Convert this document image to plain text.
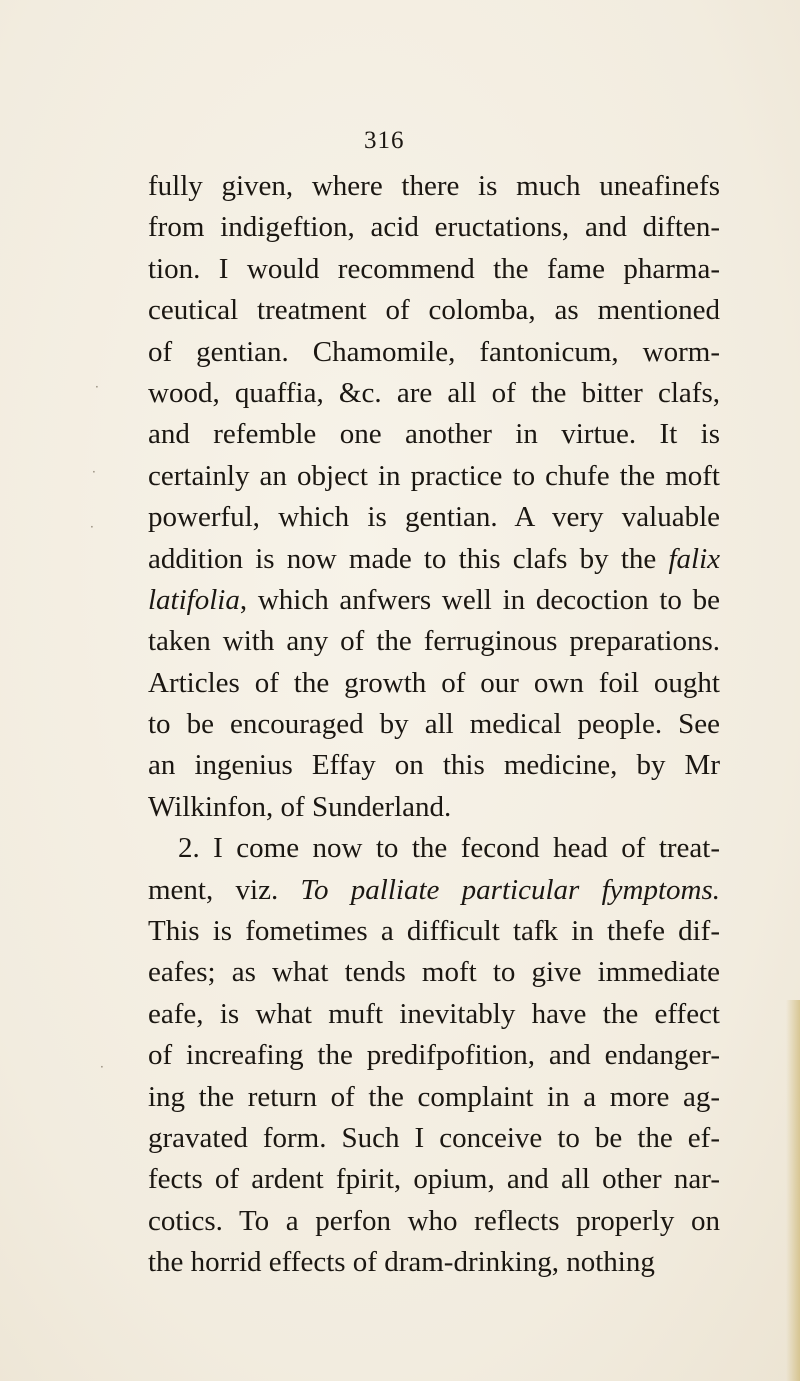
316
fully given, where there is much uneafinefs
from indigeftion, acid eructations, and diften-
tion. I would recommend the fame pharma-
ceutical treatment of colomba, as mentioned
of gentian. Chamomile, fantonicum, worm-
wood, quaffia, &c. are all of the bitter clafs,
and refemble one another in virtue. It is
certainly an object in practice to chufe the moft
powerful, which is gentian. A very valuable
addition is now made to this clafs by the falix
latifolia, which anfwers well in decoction to be
taken with any of the ferruginous preparations.
Articles of the growth of our own foil ought
to be encouraged by all medical people. See
an ingenius Effay on this medicine, by Mr
Wilkinfon, of Sunderland.
2. I come now to the fecond head of treat-
ment, viz. To palliate particular fymptoms.
This is fometimes a difficult tafk in thefe dif-
eafes; as what tends moft to give immediate
eafe, is what muft inevitably have the effect
of increafing the predifpofition, and endanger-
ing the return of the complaint in a more ag-
gravated form. Such I conceive to be the ef-
fects of ardent fpirit, opium, and all other nar-
cotics. To a perfon who reflects properly on
the horrid effects of dram-drinking, nothing
·
·
·
·
